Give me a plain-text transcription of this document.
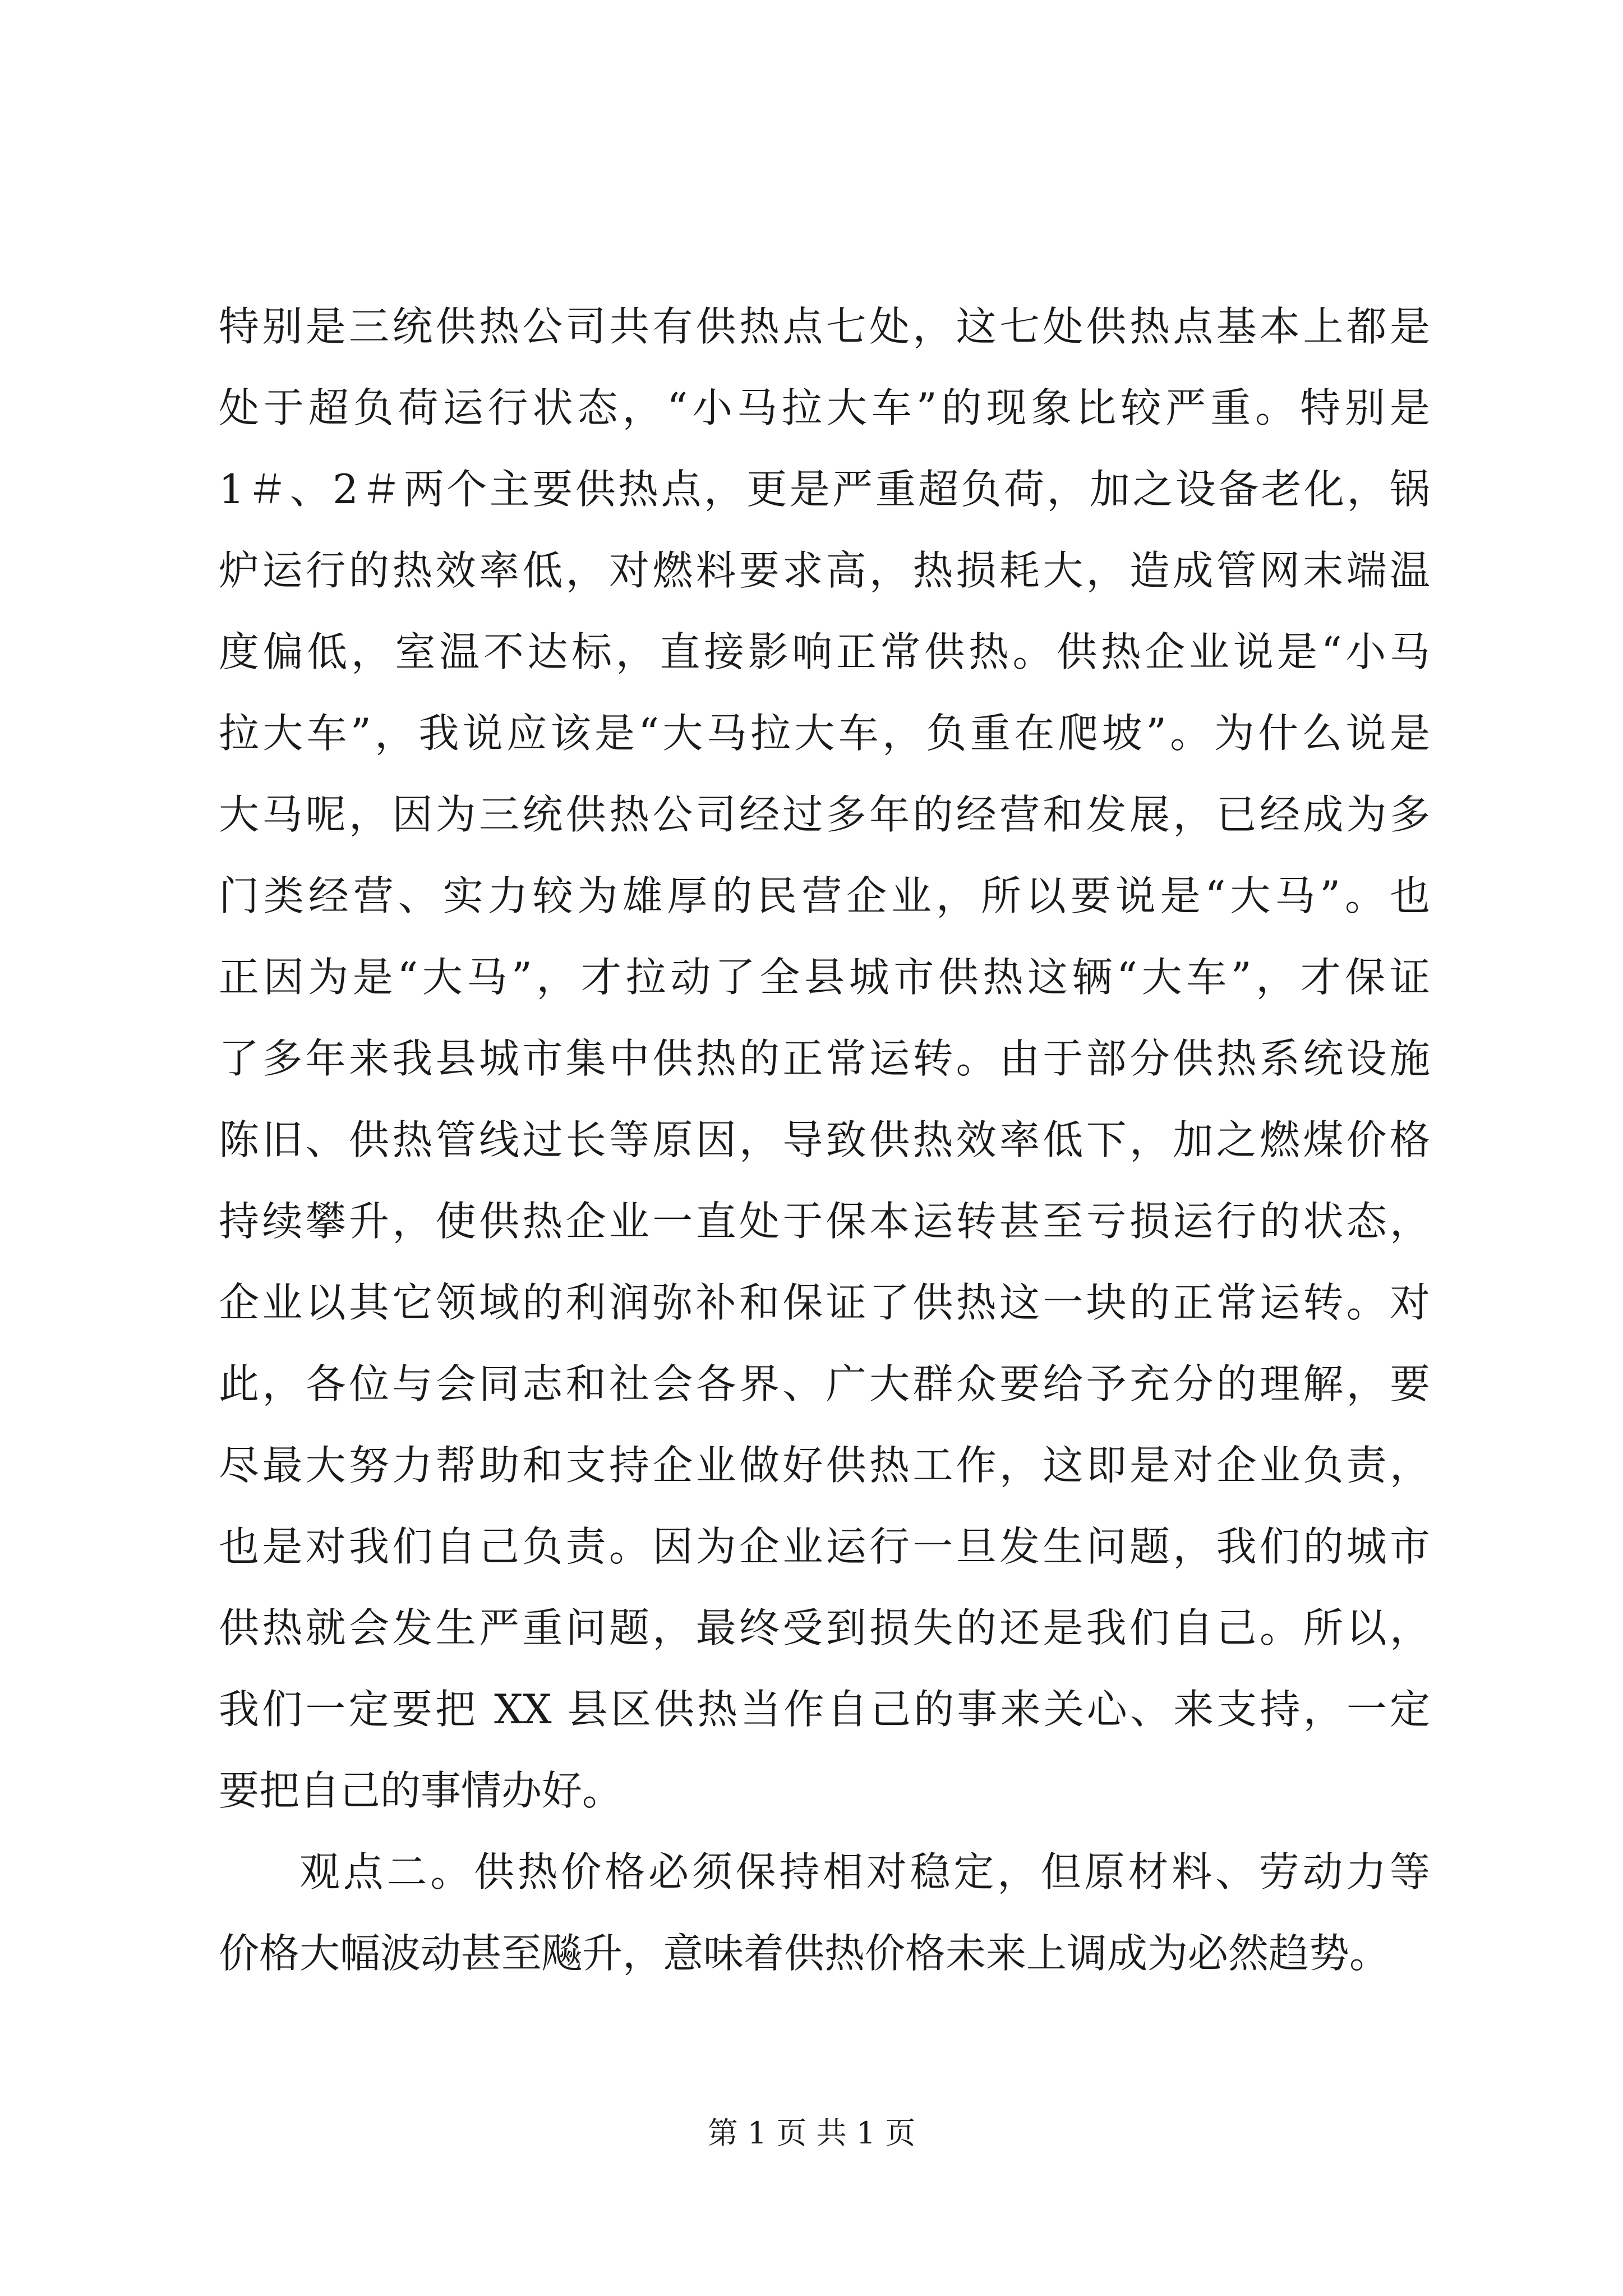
特别是三统供热公司共有供热点七处，这七处供热点基本上都是
处于超负荷运行状态，“小马拉大车”的现象比较严重。特别是
1＃、2＃两个主要供热点，更是严重超负荷，加之设备老化，锅
炉运行的热效率低，对燃料要求高，热损耗大，造成管网末端温
度偏低，室温不达标，直接影响正常供热。供热企业说是“小马
拉大车”，我说应该是“大马拉大车，负重在爬坡”。为什么说是
大马呢，因为三统供热公司经过多年的经营和发展，已经成为多
门类经营、实力较为雄厚的民营企业，所以要说是“大马”。也
正因为是“大马”，才拉动了全县城市供热这辆“大车”，才保证
了多年来我县城市集中供热的正常运转。由于部分供热系统设施
陈旧、供热管线过长等原因，导致供热效率低下，加之燃煤价格
持续攀升，使供热企业一直处于保本运转甚至亏损运行的状态，
企业以其它领域的利润弥补和保证了供热这一块的正常运转。对
此，各位与会同志和社会各界、广大群众要给予充分的理解，要
尽最大努力帮助和支持企业做好供热工作，这即是对企业负责，
也是对我们自己负责。因为企业运行一旦发生问题，我们的城市
供热就会发生严重问题，最终受到损失的还是我们自己。所以，
我们一定要把 XX 县区供热当作自己的事来关心、来支持，一定
要把自己的事情办好。
观点二。供热价格必须保持相对稳定，但原材料、劳动力等
价格大幅波动甚至飚升，意味着供热价格未来上调成为必然趋势。
第 1 页 共 1 页
